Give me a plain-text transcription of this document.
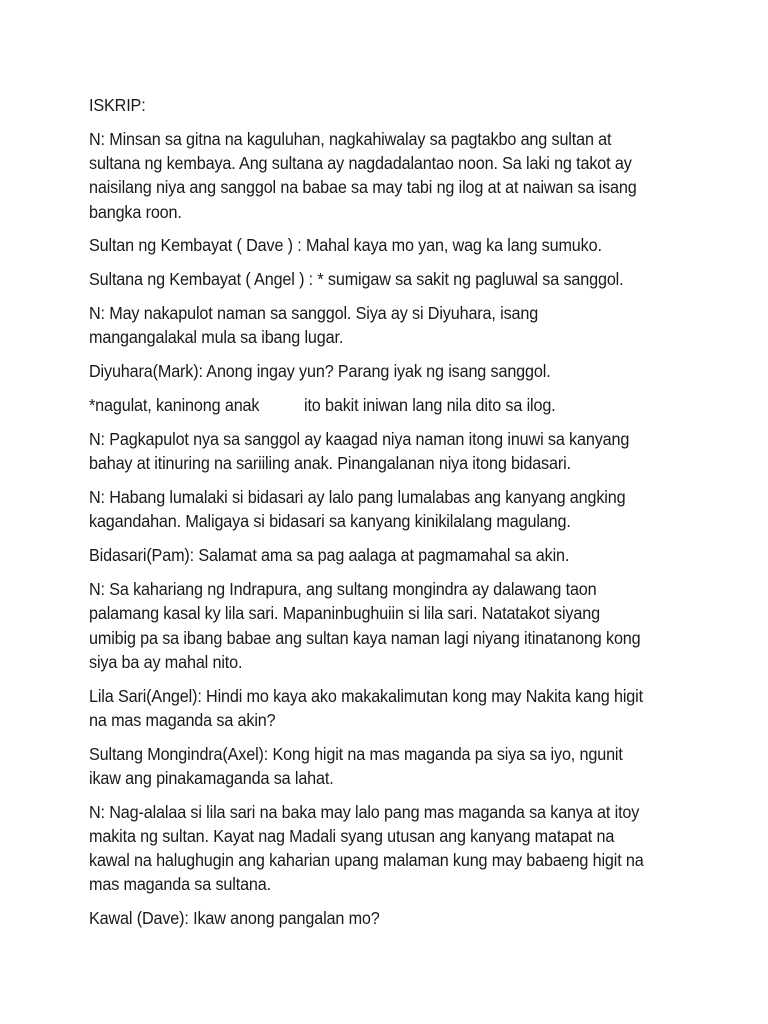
ISKRIP:

N: Minsan sa gitna na kaguluhan, nagkahiwalay sa pagtakbo ang sultan at sultana ng kembaya. Ang sultana ay nagdadalantao noon. Sa laki ng takot ay naisilang niya ang sanggol na babae sa may tabi ng ilog at at naiwan sa isang bangka roon.

Sultan ng Kembayat ( Dave ) : Mahal kaya mo yan, wag ka lang sumuko.

Sultana ng Kembayat ( Angel ) : * sumigaw sa sakit ng pagluwal sa sanggol.

N: May nakapulot naman sa sanggol. Siya ay si Diyuhara, isang mangangalakal mula sa ibang lugar.

Diyuhara(Mark): Anong ingay yun? Parang iyak ng isang sanggol.

*nagulat, kaninong anak	ito bakit iniwan lang nila dito sa ilog.

N: Pagkapulot nya sa sanggol ay kaagad niya naman itong inuwi sa kanyang bahay at itinuring na sariiling anak. Pinangalanan niya itong bidasari.

N: Habang lumalaki si bidasari ay lalo pang lumalabas ang kanyang angking kagandahan. Maligaya si bidasari sa kanyang kinikilalang magulang.

Bidasari(Pam): Salamat ama sa pag aalaga at pagmamahal sa akin.

N: Sa kahariang ng Indrapura, ang sultang mongindra ay dalawang taon palamang kasal ky lila sari. Mapaninbughuiin si lila sari. Natatakot siyang umibig pa sa ibang babae ang sultan kaya naman lagi niyang itinatanong kong siya ba ay mahal nito.

Lila Sari(Angel): Hindi mo kaya ako makakalimutan kong may Nakita kang higit na mas maganda sa akin?

Sultang Mongindra(Axel): Kong higit na mas maganda pa siya sa iyo, ngunit ikaw ang pinakamaganda sa lahat.

N: Nag-alalaa si lila sari na baka may lalo pang mas maganda sa kanya at itoy makita ng sultan. Kayat nag Madali syang utusan ang kanyang matapat na kawal na halughugin ang kaharian upang malaman kung may babaeng higit na mas maganda sa sultana.

Kawal (Dave): Ikaw anong pangalan mo?
